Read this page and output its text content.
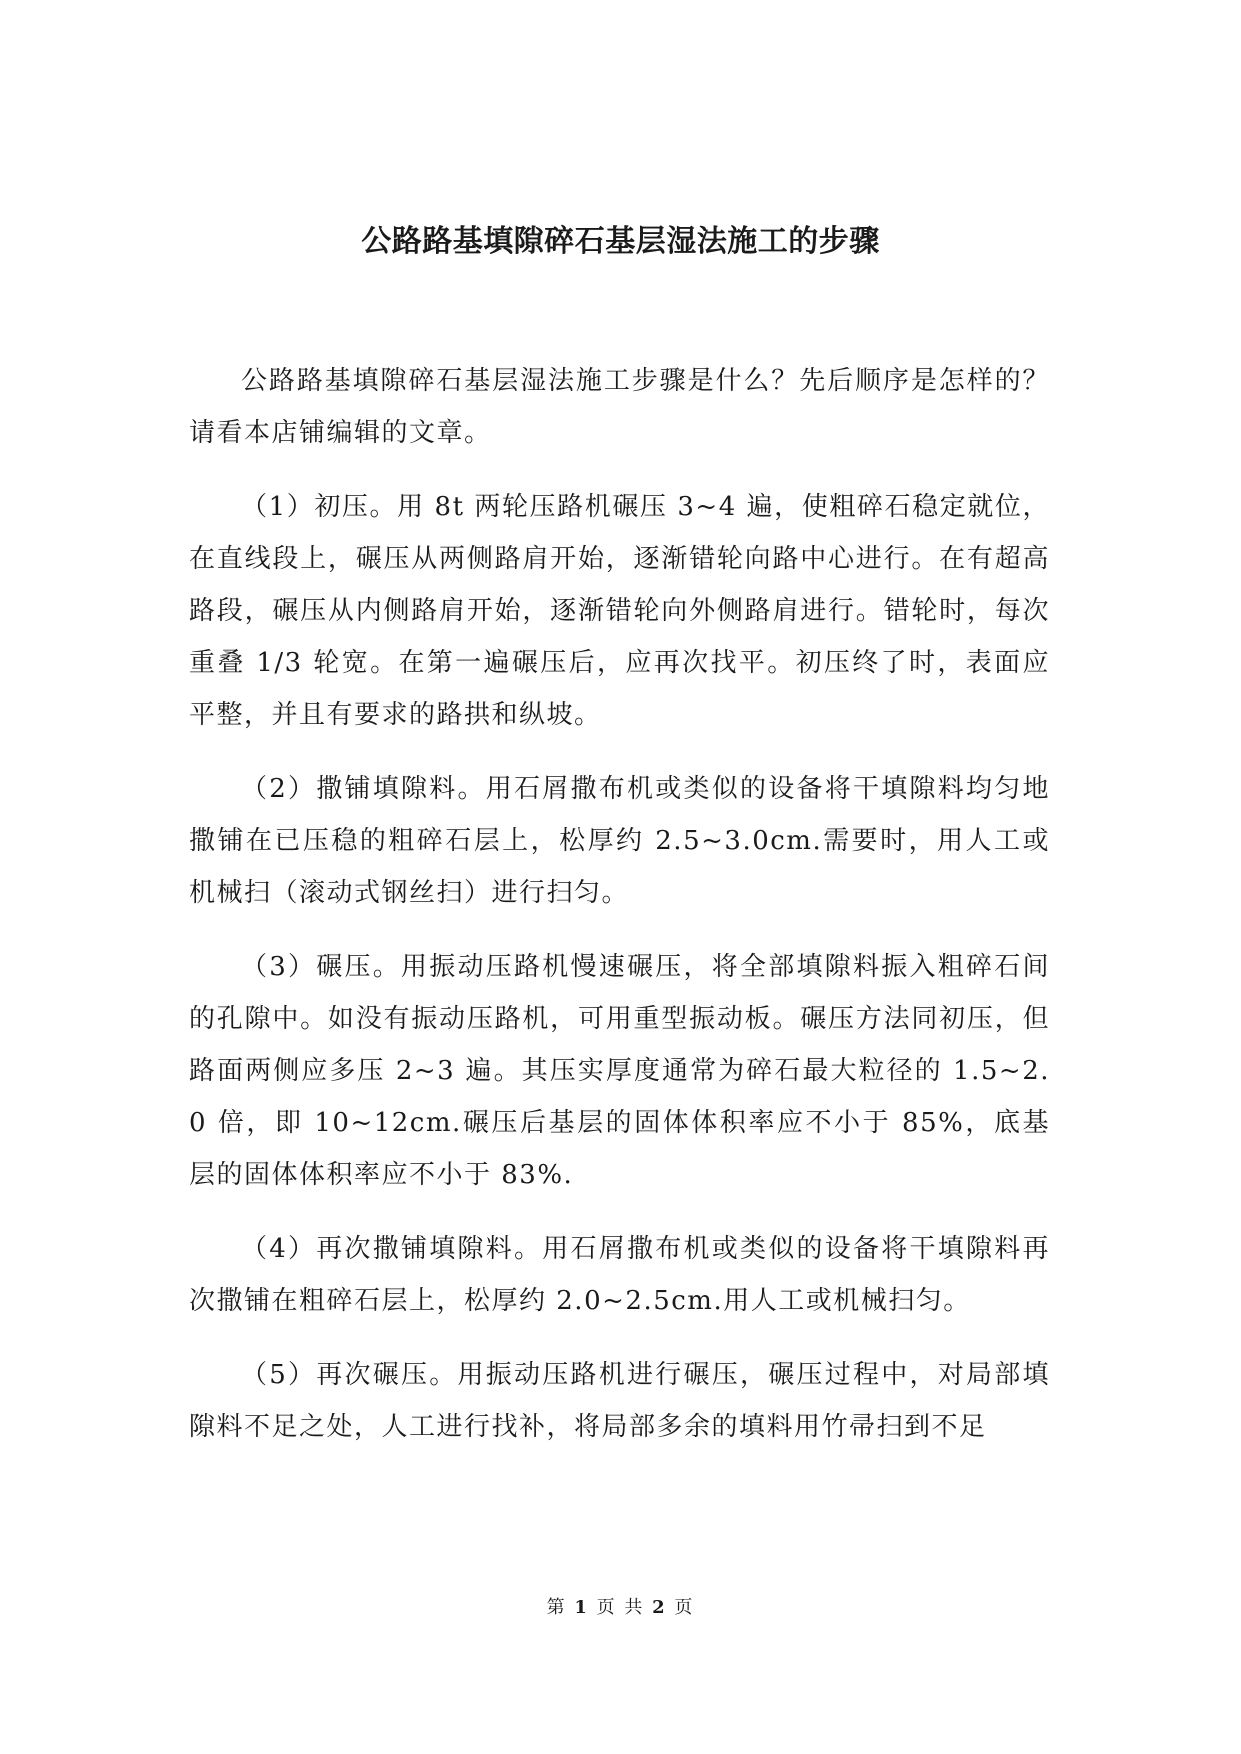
公路路基填隙碎石基层湿法施工的步骤

公路路基填隙碎石基层湿法施工步骤是什么？先后顺序是怎样的？请看本店铺编辑的文章。

（1）初压。用 8t 两轮压路机碾压 3~4 遍，使粗碎石稳定就位，在直线段上，碾压从两侧路肩开始，逐渐错轮向路中心进行。在有超高路段，碾压从内侧路肩开始，逐渐错轮向外侧路肩进行。错轮时，每次重叠 1/3 轮宽。在第一遍碾压后，应再次找平。初压终了时，表面应平整，并且有要求的路拱和纵坡。

（2）撒铺填隙料。用石屑撒布机或类似的设备将干填隙料均匀地撒铺在已压稳的粗碎石层上，松厚约 2.5~3.0cm.需要时，用人工或机械扫（滚动式钢丝扫）进行扫匀。

（3）碾压。用振动压路机慢速碾压，将全部填隙料振入粗碎石间的孔隙中。如没有振动压路机，可用重型振动板。碾压方法同初压，但路面两侧应多压 2~3 遍。其压实厚度通常为碎石最大粒径的 1.5~2.0 倍，即 10~12cm.碾压后基层的固体体积率应不小于 85%，底基层的固体体积率应不小于 83%.

（4）再次撒铺填隙料。用石屑撒布机或类似的设备将干填隙料再次撒铺在粗碎石层上，松厚约 2.0~2.5cm.用人工或机械扫匀。

（5）再次碾压。用振动压路机进行碾压，碾压过程中，对局部填隙料不足之处，人工进行找补，将局部多余的填料用竹帚扫到不足

第 1 页 共 2 页
